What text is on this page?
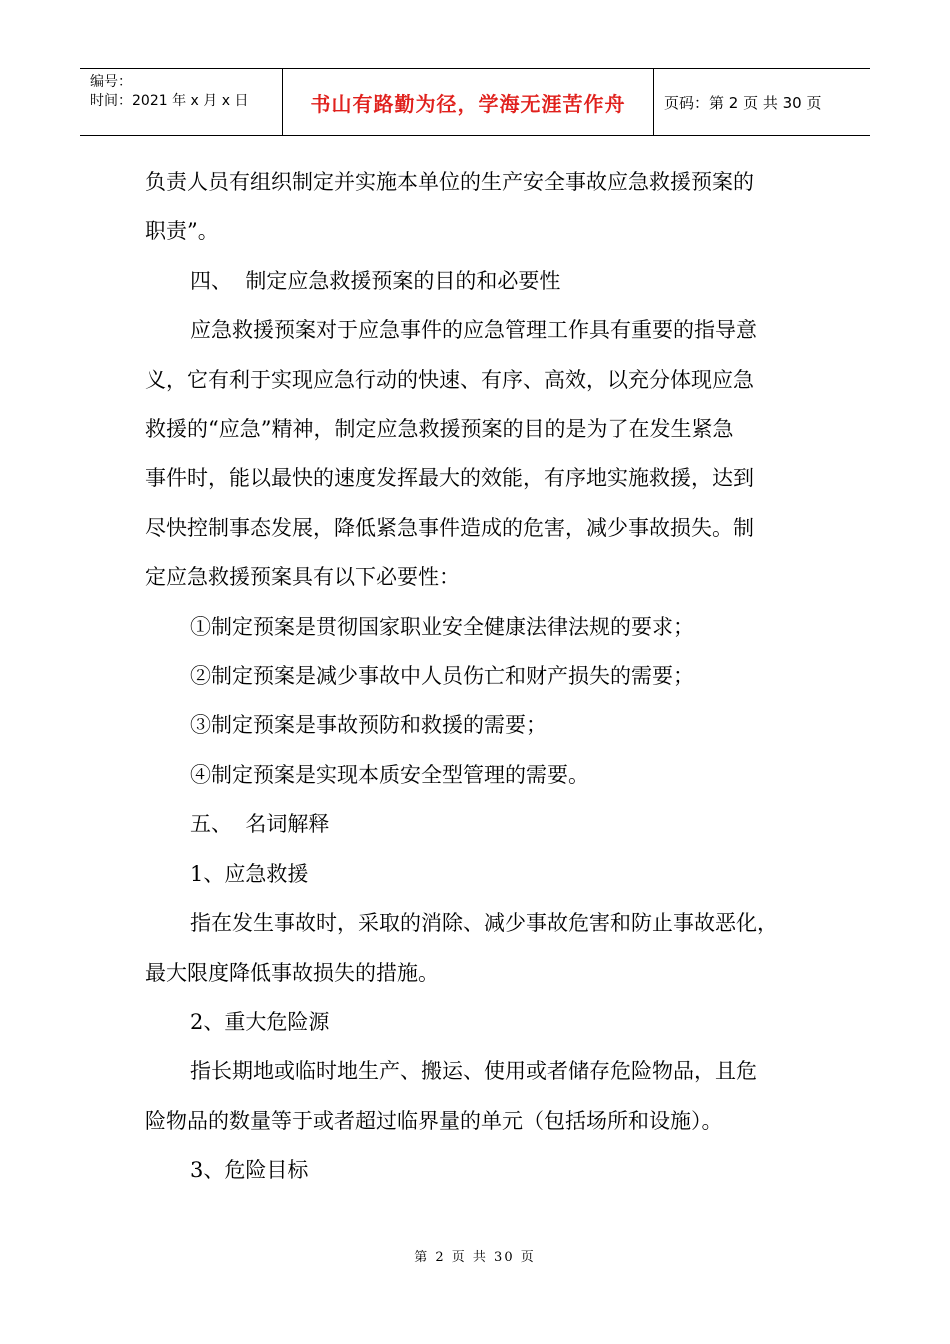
编号：
时间：2021 年 x 月 x 日	书山有路勤为径，学海无涯苦作舟	页码：第 2 页 共 30 页

负责人员有组织制定并实施本单位的生产安全事故应急救援预案的

职责”。

四、  制定应急救援预案的目的和必要性

应急救援预案对于应急事件的应急管理工作具有重要的指导意

义，它有利于实现应急行动的快速、有序、高效，以充分体现应急

救援的“应急”精神，制定应急救援预案的目的是为了在发生紧急

事件时，能以最快的速度发挥最大的效能，有序地实施救援，达到

尽快控制事态发展，降低紧急事件造成的危害，减少事故损失。制

定应急救援预案具有以下必要性：

①制定预案是贯彻国家职业安全健康法律法规的要求；

②制定预案是减少事故中人员伤亡和财产损失的需要；

③制定预案是事故预防和救援的需要；

④制定预案是实现本质安全型管理的需要。

五、  名词解释

1、应急救援

指在发生事故时，采取的消除、减少事故危害和防止事故恶化，

最大限度降低事故损失的措施。

2、重大危险源

指长期地或临时地生产、搬运、使用或者储存危险物品，且危

险物品的数量等于或者超过临界量的单元（包括场所和设施）。

3、危险目标

第 2 页 共 30 页
